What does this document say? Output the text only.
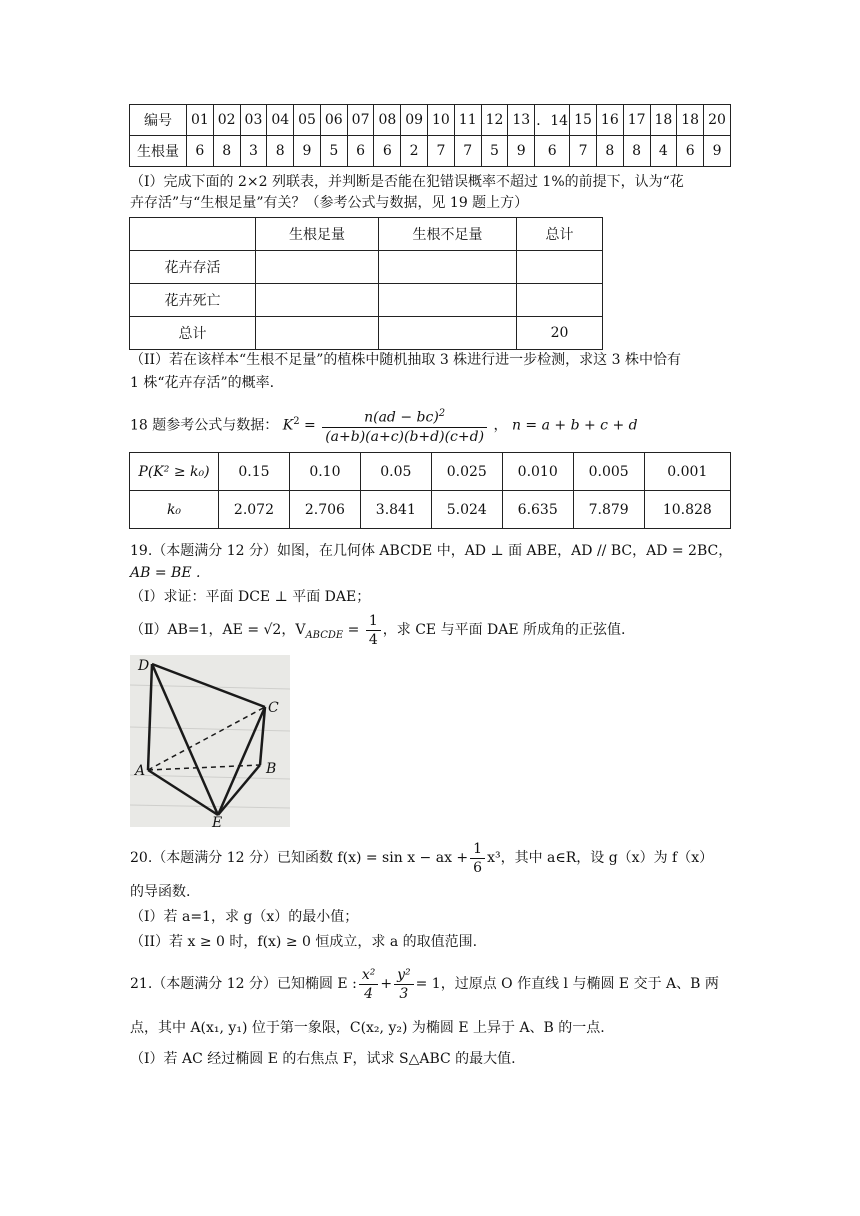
编号	01	02	03	04	05	06	07	08	09	10	11	12	13	．14	15	16	17	18	18	20
生根量	6	8	3	8	9	5	6	6	2	7	7	5	9	6	7	8	8	4	6	9
（Ⅰ）完成下面的 2×2 列联表，并判断是否能在犯错误概率不超过 1%的前提下，认为“花
卉存活”与“生根足量”有关？（参考公式与数据，见 19 题上方）
	生根足量	生根不足量	总计
花卉存活			
花卉死亡			
总计			20
（II）若在该样本“生根不足量”的植株中随机抽取 3 株进行进一步检测，求这 3 株中恰有
1 株“花卉存活”的概率.
18 题参考公式与数据： $K^2 = \frac{n(ad - bc)^2}{(a+b)(a+c)(b+d)(c+d)}$ ， n = a + b + c + d
P(K² ≥ k₀)	0.15	0.10	0.05	0.025	0.010	0.005	0.001
k₀	2.072	2.706	3.841	5.024	6.635	7.879	10.828
19.（本题满分 12 分）如图，在几何体 ABCDE 中，AD ⊥ 面 ABE，AD // BC，AD = 2BC，
AB = BE .
（I）求证：平面 DCE ⊥ 平面 DAE；
（Ⅱ）AB=1，AE = √2，$V_{ABCDE} = \frac{1}{4}$ ，求 CE 与平面 DAE 所成角的正弦值.
D
C
A	B
E
20.（本题满分 12 分）已知函数 f(x) = sin x − ax + $\frac{1}{6} x^3$，其中 a∈R，设 g（x）为 f（x）
的导函数.
（I）若 a=1，求 g（x）的最小值；
（II）若 x ≥ 0 时，f(x) ≥ 0 恒成立，求 a 的取值范围.
21.（本题满分 12 分）已知椭圆 E : $\frac{\text{x²}}{4} + \frac{\text{y²}}{3} = 1$，过原点 O 作直线 l 与椭圆 E 交于 A、B 两
点，其中 A(x₁, y₁) 位于第一象限，C(x₂, y₂) 为椭圆 E 上异于 A、B 的一点.
（I）若 AC 经过椭圆 E 的右焦点 F，试求 S△ABC 的最大值.
